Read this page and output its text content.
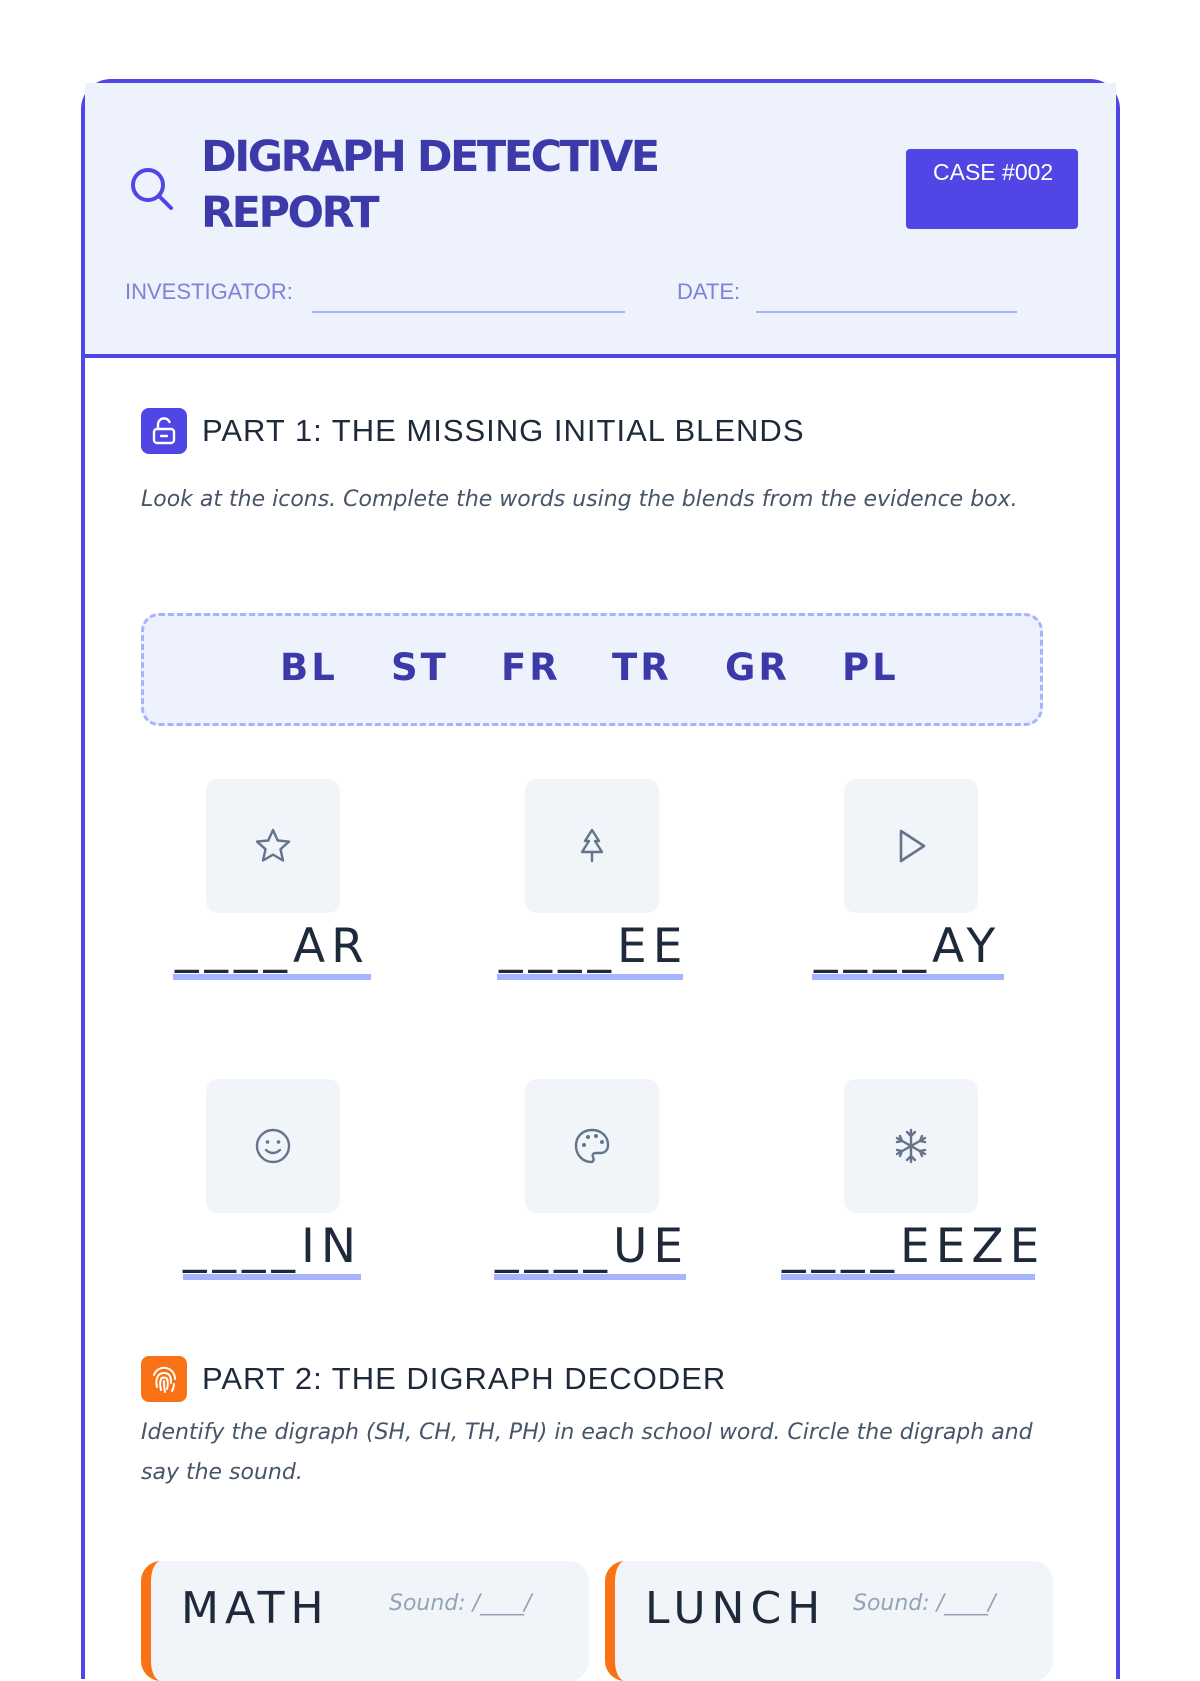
DIGRAPH DETECTIVE REPORT
CASE #002
INVESTIGATOR:	DATE:
PART 1: THE MISSING INITIAL BLENDS
Look at the icons. Complete the words using the blends from the evidence box.
BL ST FR TR GR PL
____AR	____EE	____AY
____IN	____UE ____EEZE
PART 2: THE DIGRAPH DECODER
Identify the digraph (SH, CH, TH, PH) in each school word. Circle the digraph and say the sound.
MATH	Sound: /____/	LUNCH Sound: /____/
